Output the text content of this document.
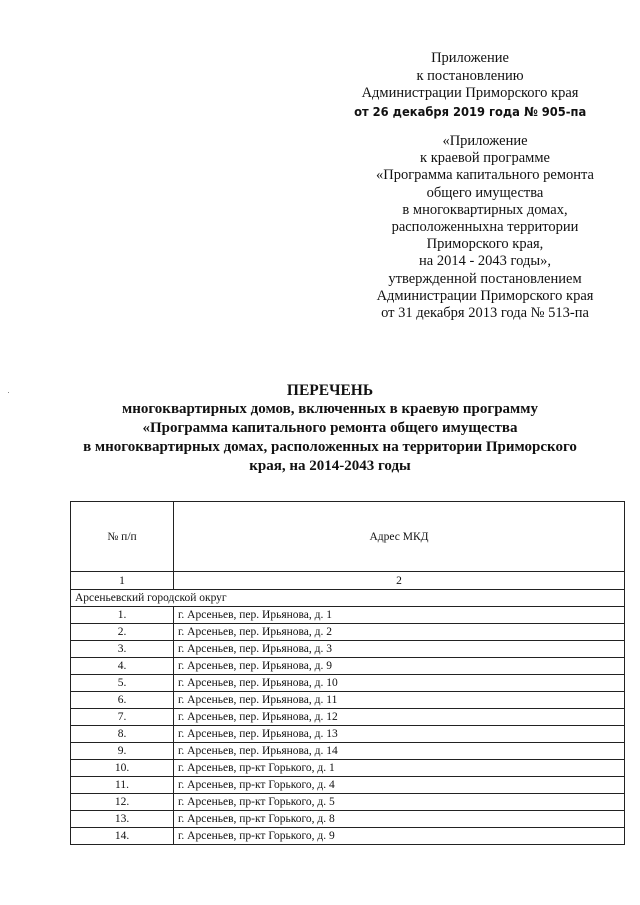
Приложение
к постановлению
Администрации Приморского края
от 26 декабря 2019 года № 905-па
«Приложение
к краевой программе
«Программа капитального ремонта
общего имущества
в многоквартирных домах,
расположенныхна территории
Приморского края,
на 2014 - 2043 годы»,
утвержденной постановлением
Администрации Приморского края
от 31 декабря 2013 года № 513-па
ПЕРЕЧЕНЬ
многоквартирных домов, включенных в краевую программу
«Программа капитального ремонта общего имущества
в многоквартирных домах, расположенных на территории Приморского
края, на 2014-2043 годы
№ п/п	Адрес МКД
1	2
Арсеньевский городской округ	
1.	г. Арсеньев, пер. Ирьянова, д. 1
2.	г. Арсеньев, пер. Ирьянова, д. 2
3.	г. Арсеньев, пер. Ирьянова, д. 3
4.	г. Арсеньев, пер. Ирьянова, д. 9
5.	г. Арсеньев, пер. Ирьянова, д. 10
6.	г. Арсеньев, пер. Ирьянова, д. 11
7.	г. Арсеньев, пер. Ирьянова, д. 12
8.	г. Арсеньев, пер. Ирьянова, д. 13
9.	г. Арсеньев, пер. Ирьянова, д. 14
10.	г. Арсеньев, пр-кт Горького, д. 1
11.	г. Арсеньев, пр-кт Горького, д. 4
12.	г. Арсеньев, пр-кт Горького, д. 5
13.	г. Арсеньев, пр-кт Горького, д. 8
14.	г. Арсеньев, пр-кт Горького, д. 9
